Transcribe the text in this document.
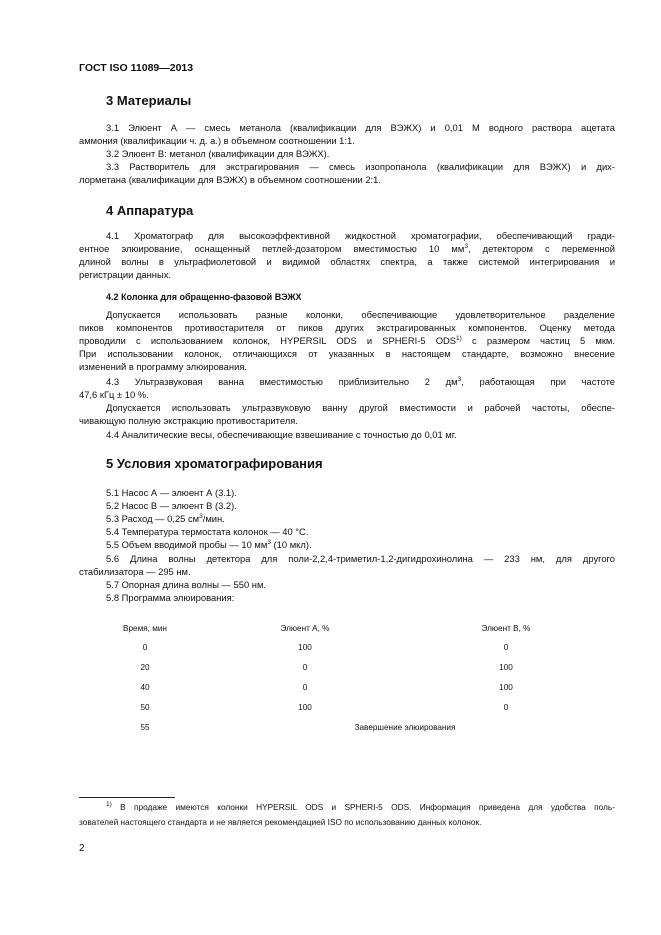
ГОСТ ISO 11089—2013
3 Материалы
3.1 Элюент А — смесь метанола (квалификации для ВЭЖХ) и 0,01 М водного раствора ацетата
аммония (квалификации ч. д. а.) в объемном соотношении 1:1.
3.2 Элюент В: метанол (квалификации для ВЭЖХ).
3.3 Растворитель для экстрагирования — смесь изопропанола (квалификации для ВЭЖХ) и дих-
лорметана (квалификации для ВЭЖХ) в объемном соотношении 2:1.
4 Аппаратура
4.1 Хроматограф для высокоэффективной жидкостной хроматографии, обеспечивающий гради-
ентное элюирование, оснащенный петлей-дозатором вместимостью 10 $мм^3$, детектором с переменной
длиной волны в ультрафиолетовой и видимой областях спектра, а также системой интегрирования и
регистрации данных.
4.2 Колонка для обращенно-фазовой ВЭЖХ
Допускается использовать разные колонки, обеспечивающие удовлетворительное разделение
пиков компонентов противостарителя от пиков других экстрагированных компонентов. Оценку метода
проводили с использованием колонок, HYPERSIL ODS и SPHERI-5 ODS$^{1)}$ с размером частиц 5 мкм.
При использовании колонок, отличающихся от указанных в настоящем стандарте, возможно внесение
изменений в программу элюирования.
4.3 Ультразвуковая ванна вместимостью приблизительно 2 $дм^3$, работающая при частоте
47,6 кГц ± 10 %.
Допускается использовать ультразвуковую ванну другой вместимости и рабочей частоты, обеспе-
чивающую полную экстракцию противостарителя.
4.4 Аналитические весы, обеспечивающие взвешивание с точностью до 0,01 мг.
5 Условия хроматографирования
5.1 Насос А — элюент А (3.1).
5.2 Насос В — элюент В (3.2).
5.3 Расход — 0,25 $см^3$/мин.
5.4 Температура термостата колонок — 40 °С.
5.5 Объем вводимой пробы — 10 $мм^3$ (10 мкл).
5.6 Длина волны детектора для поли-2,2,4-триметил-1,2-дигидрохинолина — 233 нм, для другого
стабилизатора — 295 нм.
5.7 Опорная длина волны — 550 нм.
5.8 Программа элюирования:
Время, мин	Элюент А, %	Элюент В, %
0	100	0
20	0	100
40	0	100
50	100	0
55	Завершение элюирования
$^{1)}$ В продаже имеются колонки HYPERSIL ODS и SPHERI-5 ODS. Информация приведена для удобства поль-
зователей настоящего стандарта и не является рекомендацией ISO по использованию данных колонок.
2
